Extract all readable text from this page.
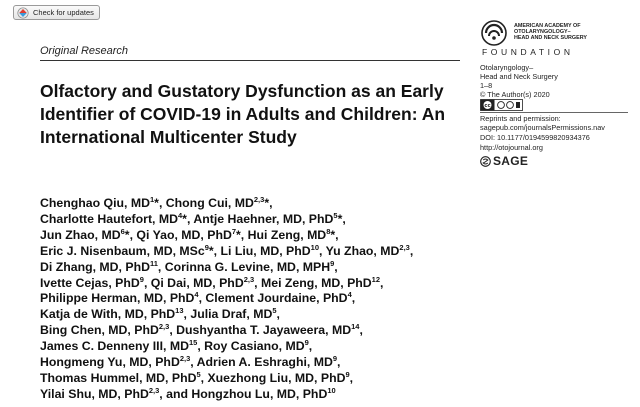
Check for updates
Original Research
Olfactory and Gustatory Dysfunction as an Early Identifier of COVID-19 in Adults and Children: An International Multicenter Study
Chenghao Qiu, $MD^1*$, Chong Cui, MD$^{2,3}$*,
Charlotte Hautefort, $MD^4*$, Antje Haehner, MD, PhD$^5$*,
Jun Zhao, $MD^6*$, Qi Yao, MD, PhD$^7$*, Hui Zeng, $MD^8*$,
Eric J. Nisenbaum, MD, MSc$^9$*, Li Liu, MD, PhD$^{10}$, Yu Zhao, MD$^{2,3}$,
Di Zhang, MD, PhD$^{11}$, Corinna G. Levine, MD, MPH$^9$,
Ivette Cejas, PhD$^9$, Qi Dai, MD, PhD$^{2,3}$, Mei Zeng, MD, PhD$^{12}$,
Philippe Herman, MD, PhD$^4$, Clement Jourdaine, PhD$^4$,
Katja de With, MD, PhD$^{13}$, Julia Draf, $MD^5$,
Bing Chen, MD, PhD$^{2,3}$, Dushyantha T. Jayaweera, MD$^{14}$,
James C. Denneny III, MD$^{15}$, Roy Casiano, $MD^9$,
Hongmeng Yu, MD, PhD$^{2,3}$, Adrien A. Eshraghi, $MD^9$,
Thomas Hummel, MD, PhD$^5$, Xuezhong Liu, MD, PhD$^9$,
Yilai Shu, MD, PhD$^{2,3}$, and Hongzhou Lu, MD, PhD$^{10}$
AMERICAN ACADEMY OF
OTOLARYNGOLOGY–
HEAD AND NECK SURGERY
FOUNDATION
Otolaryngology–
Head and Neck Surgery
1–8
© The Author(s) 2020
cc
Reprints and permission:
sagepub.com/journalsPermissions.nav
DOI: 10.1177/0194599820934376
http://otojournal.org
SAGE
